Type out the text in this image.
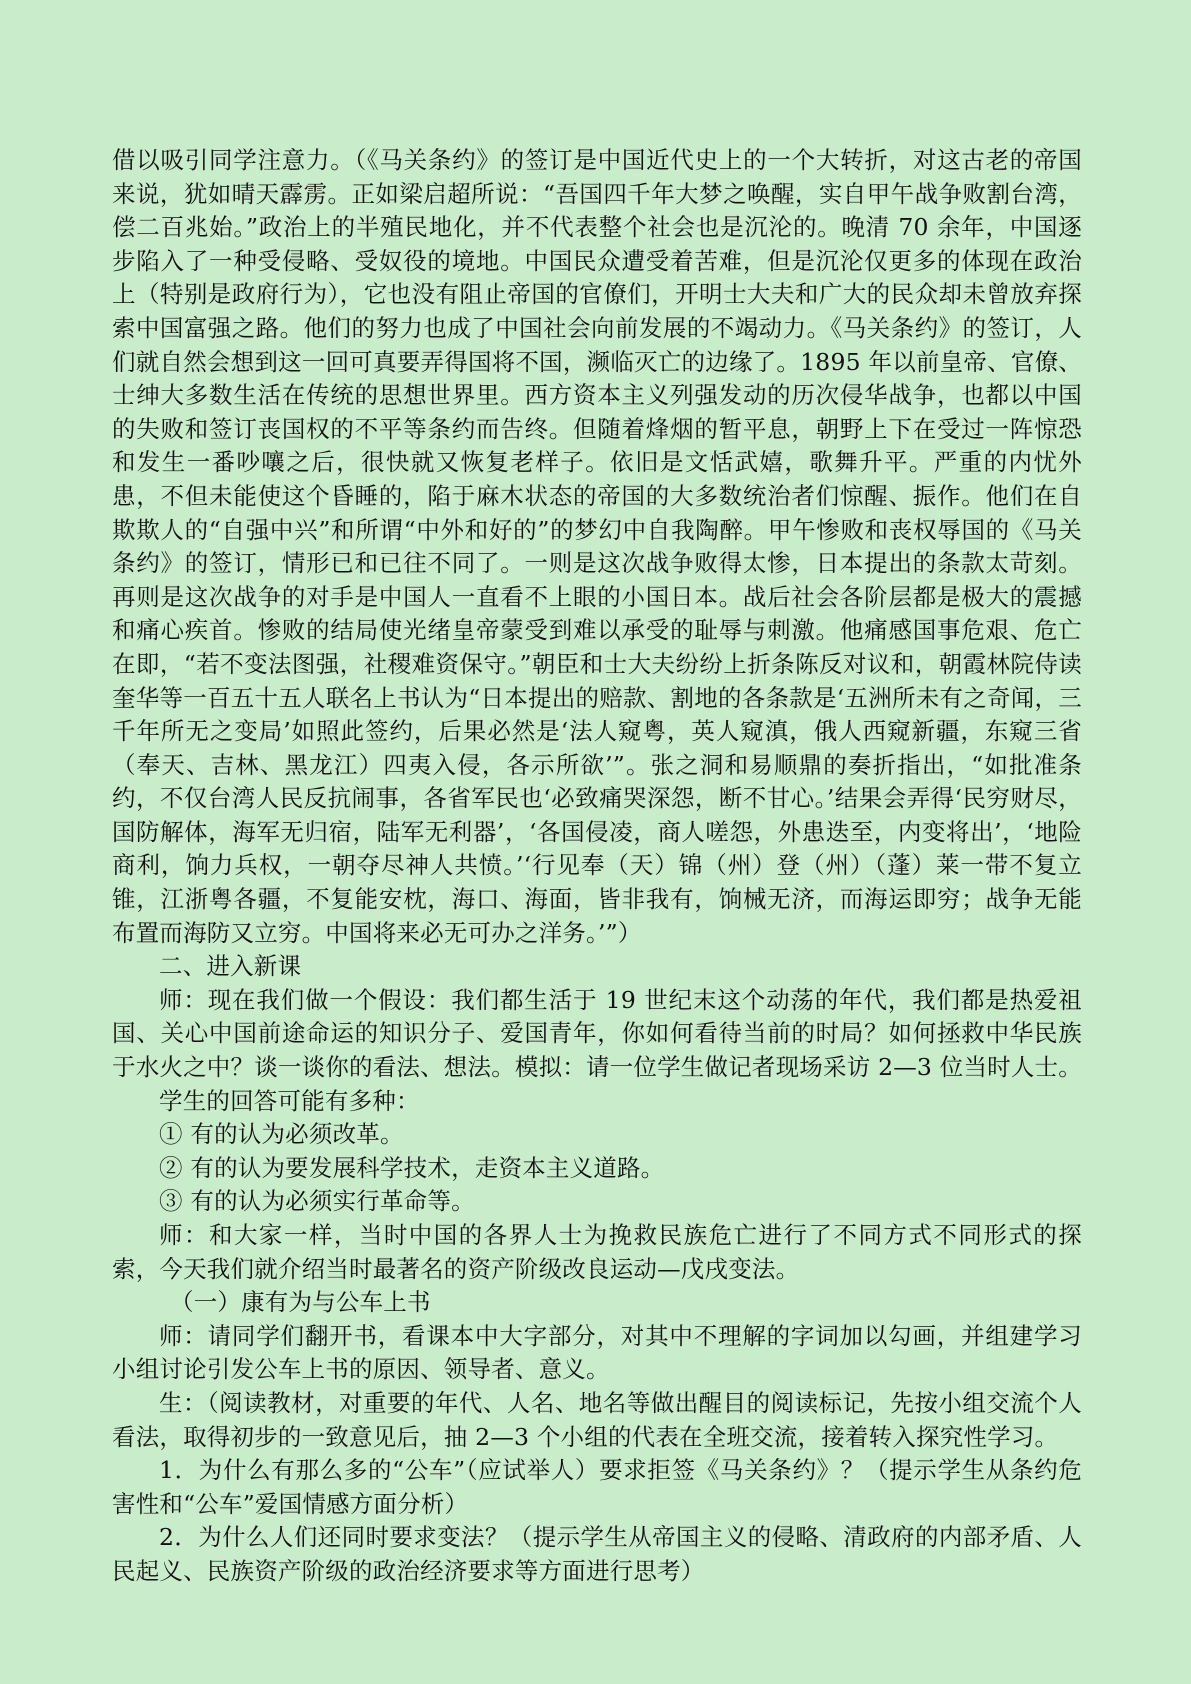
借以吸引同学注意力。（《马关条约》的签订是中国近代史上的一个大转折，对这古老的帝国来说，犹如晴天霹雳。正如梁启超所说：“吾国四千年大梦之唤醒，实自甲午战争败割台湾，偿二百兆始。”政治上的半殖民地化，并不代表整个社会也是沉沦的。晚清 70 余年，中国逐步陷入了一种受侵略、受奴役的境地。中国民众遭受着苦难，但是沉沦仅更多的体现在政治上（特别是政府行为），它也没有阻止帝国的官僚们，开明士大夫和广大的民众却未曾放弃探索中国富强之路。他们的努力也成了中国社会向前发展的不竭动力。《马关条约》的签订，人们就自然会想到这一回可真要弄得国将不国，濒临灭亡的边缘了。1895 年以前皇帝、官僚、士绅大多数生活在传统的思想世界里。西方资本主义列强发动的历次侵华战争，也都以中国的失败和签订丧国权的不平等条约而告终。但随着烽烟的暂平息，朝野上下在受过一阵惊恐和发生一番吵嚷之后，很快就又恢复老样子。依旧是文恬武嬉，歌舞升平。严重的内忧外患，不但未能使这个昏睡的，陷于麻木状态的帝国的大多数统治者们惊醒、振作。他们在自欺欺人的“自强中兴”和所谓“中外和好的”的梦幻中自我陶醉。甲午惨败和丧权辱国的《马关条约》的签订，情形已和已往不同了。一则是这次战争败得太惨，日本提出的条款太苛刻。再则是这次战争的对手是中国人一直看不上眼的小国日本。战后社会各阶层都是极大的震撼和痛心疾首。惨败的结局使光绪皇帝蒙受到难以承受的耻辱与刺激。他痛感国事危艰、危亡在即，“若不变法图强，社稷难资保守。”朝臣和士大夫纷纷上折条陈反对议和，朝霞林院侍读奎华等一百五十五人联名上书认为“日本提出的赔款、割地的各条款是‘五洲所未有之奇闻，三千年所无之变局’如照此签约，后果必然是‘法人窥粤，英人窥滇，俄人西窥新疆，东窥三省（奉天、吉林、黑龙江）四夷入侵，各示所欲’”。张之洞和易顺鼎的奏折指出，“如批准条约，不仅台湾人民反抗闹事，各省军民也‘必致痛哭深怨，断不甘心。’结果会弄得‘民穷财尽，国防解体，海军无归宿，陆军无利器’，‘各国侵凌，商人嗟怨，外患迭至，内变将出’，‘地险商利，饷力兵权，一朝夺尽神人共愤。’‘行见奉（天）锦（州）登（州）（蓬）莱一带不复立锥，江浙粤各疆，不复能安枕，海口、海面，皆非我有，饷械无济，而海运即穷；战争无能布置而海防又立穷。中国将来必无可办之洋务。’”）

二、进入新课

师：现在我们做一个假设：我们都生活于 19 世纪末这个动荡的年代，我们都是热爱祖国、关心中国前途命运的知识分子、爱国青年，你如何看待当前的时局？如何拯救中华民族于水火之中？谈一谈你的看法、想法。模拟：请一位学生做记者现场采访 2—3 位当时人士。

学生的回答可能有多种：

① 有的认为必须改革。

② 有的认为要发展科学技术，走资本主义道路。

③ 有的认为必须实行革命等。

师：和大家一样，当时中国的各界人士为挽救民族危亡进行了不同方式不同形式的探索，今天我们就介绍当时最著名的资产阶级改良运动—戊戌变法。

（一）康有为与公车上书

师：请同学们翻开书，看课本中大字部分，对其中不理解的字词加以勾画，并组建学习小组讨论引发公车上书的原因、领导者、意义。

生：（阅读教材，对重要的年代、人名、地名等做出醒目的阅读标记，先按小组交流个人看法，取得初步的一致意见后，抽 2—3 个小组的代表在全班交流，接着转入探究性学习。

1．为什么有那么多的“公车”（应试举人）要求拒签《马关条约》？（提示学生从条约危害性和“公车”爱国情感方面分析）

2．为什么人们还同时要求变法？（提示学生从帝国主义的侵略、清政府的内部矛盾、人民起义、民族资产阶级的政治经济要求等方面进行思考）
